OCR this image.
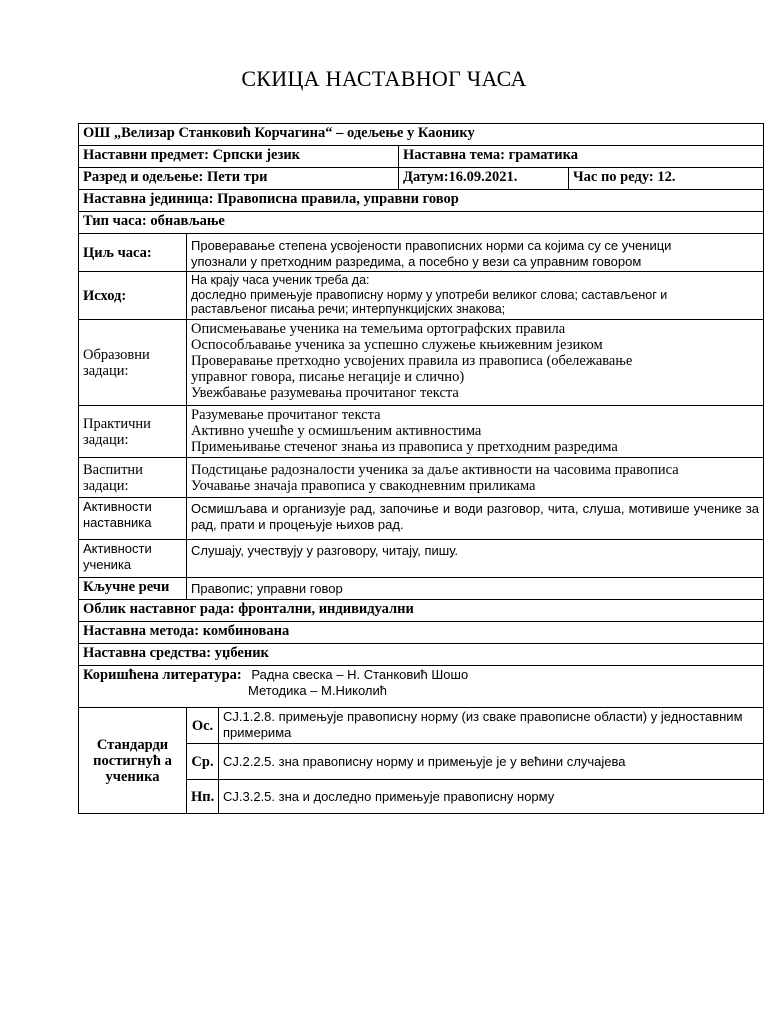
СКИЦА НАСТАВНОГ ЧАСА
ОШ „Велизар Станковић Корчагина“ – одељење у Каонику				
Наставни предмет: Српски језик			Наставна тема: граматика	
Разред и одељење: Пети три			Датум:16.09.2021.	Час по реду: 12.
Наставна јединица: Правописна правила, управни говор				
Тип часа: обнављање				
Циљ часа:	Проверавање степена усвојености правописних норми са којима су се ученици
упознали у претходним разредима, а посебно у вези са управним говором			

Исход:	На крају часа ученик треба да:
доследно примењује правописну норму у употреби великог слова; састављеног и
растављеног писања речи; интерпункцијских знакова;			

Образовни задаци:	Описмењавање ученика на темељима ортографских правила
Оспособљавање ученика за успешно служење књижевним језиком
Проверавање претходно усвојених правила из правописа (обележавање
управног говора, писање негације и слично)
Увежбавање разумевања прочитаног текста			

Практични задаци:	Разумевање прочитаног текста
Активно учешће у осмишљеним активностима
Примењивање стеченог знања из правописа у претходним разредима			

Васпитни задаци:	Подстицање радозналости ученика за даље активности на часовима правописа
Уочавање значаја правописа у свакодневним приликама			

Активности наставника	Осмишљава и организује рад, започиње и води разговор, чита, слуша, мотивише ученике за рад, прати и процењује њихов рад.			
Активности ученика	Слушају, учествују у разговору, читају, пишу.			
Кључне речи	Правопис; управни говор			
Облик наставног рада: фронтални, индивидуални				
Наставна метода: комбинована				
Наставна средства: уџбеник				
Коришћена литература: Радна свеска – Н. Станковић Шошо
Методика – М.Николић				

Стандарди постигнућ а ученика	Ос.	СЈ.1.2.8. примењује правописну норму (из сваке правописне области) у једноставним примерима		
	Ср.	СЈ.2.2.5. зна правописну норму и примењује је у већини случајева		
	Нп.	СЈ.3.2.5. зна и доследно примењује правописну норму		
